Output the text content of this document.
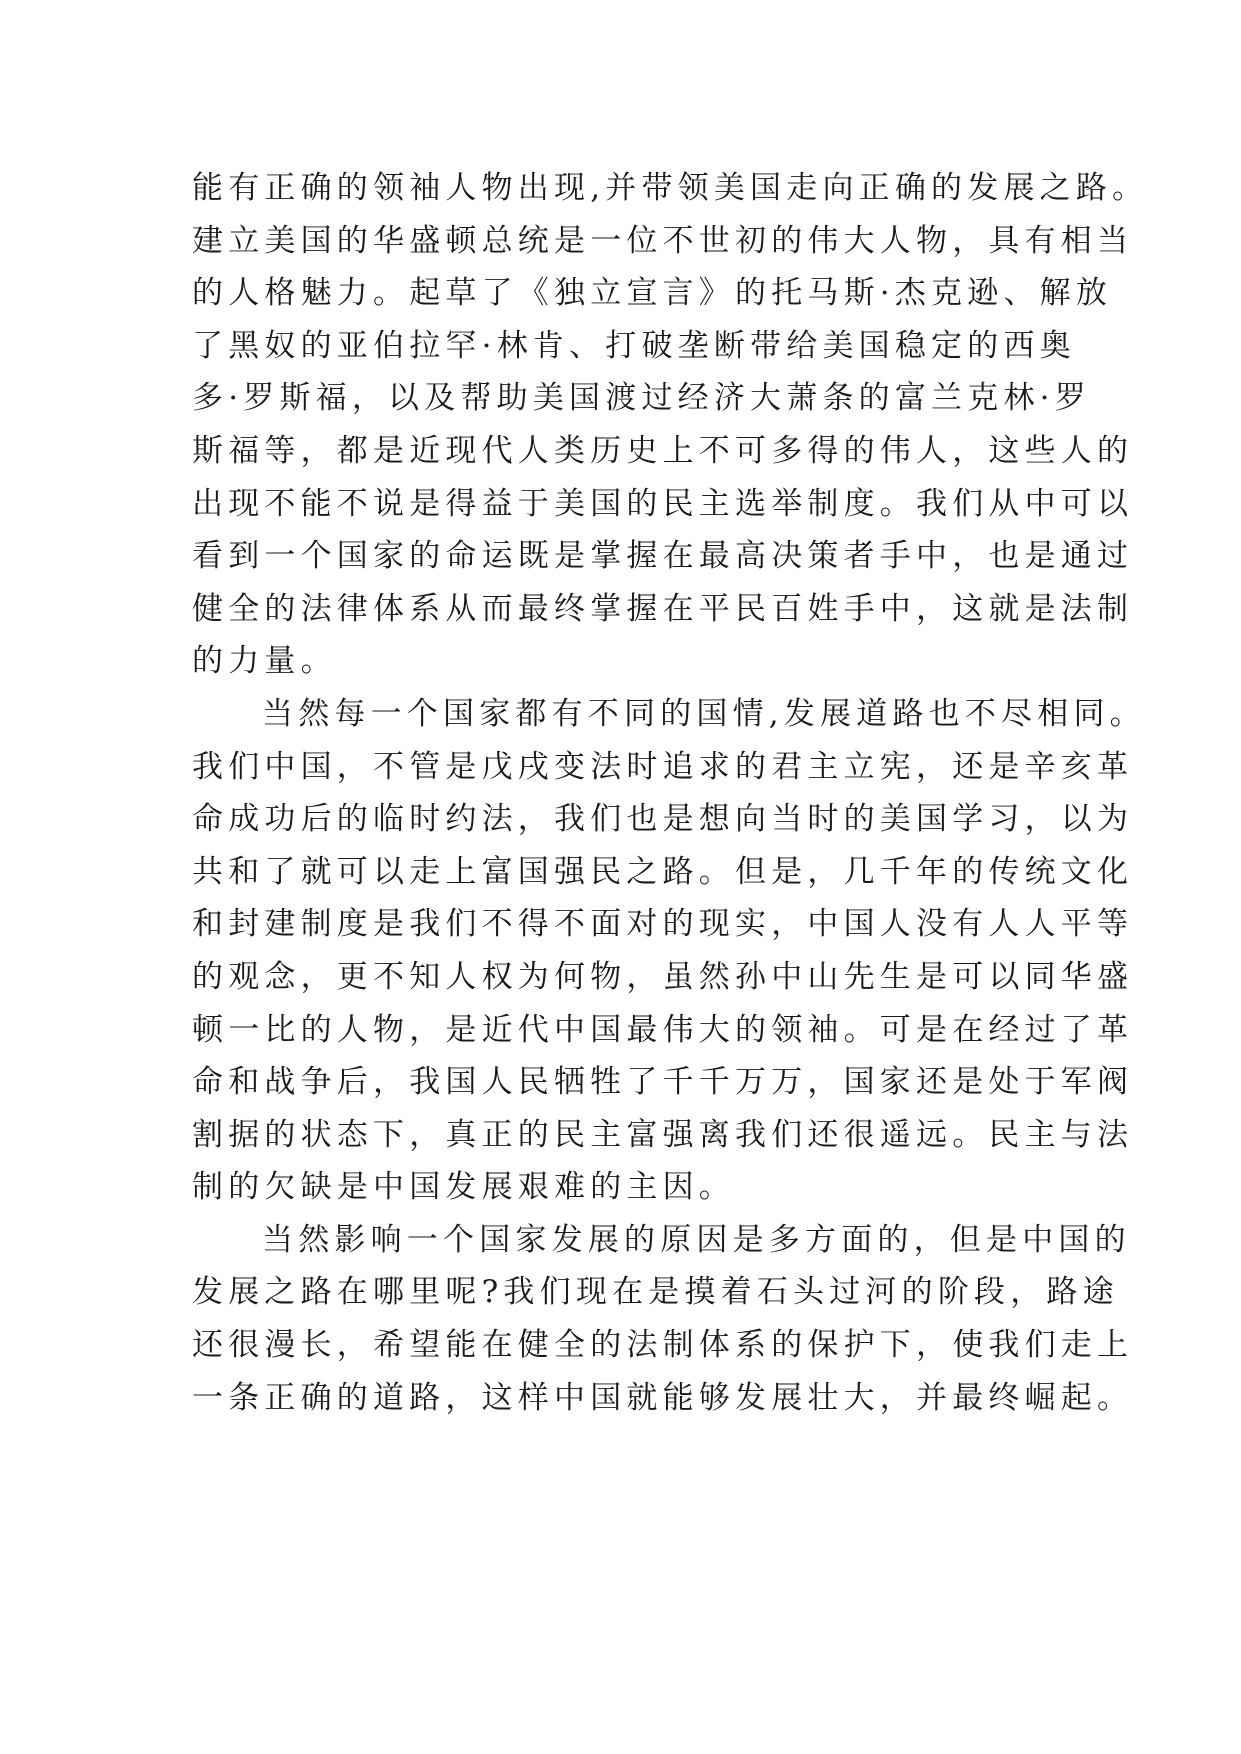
能有正确的领袖人物出现,并带领美国走向正确的发展之路。
建立美国的华盛顿总统是一位不世初的伟大人物，具有相当
的人格魅力。起草了《独立宣言》的托马斯·杰克逊、解放
了黑奴的亚伯拉罕·林肯、打破垄断带给美国稳定的西奥
多·罗斯福，以及帮助美国渡过经济大萧条的富兰克林·罗
斯福等，都是近现代人类历史上不可多得的伟人，这些人的
出现不能不说是得益于美国的民主选举制度。我们从中可以
看到一个国家的命运既是掌握在最高决策者手中，也是通过
健全的法律体系从而最终掌握在平民百姓手中，这就是法制
的力量。
当然每一个国家都有不同的国情,发展道路也不尽相同。
我们中国，不管是戊戌变法时追求的君主立宪，还是辛亥革
命成功后的临时约法，我们也是想向当时的美国学习，以为
共和了就可以走上富国强民之路。但是，几千年的传统文化
和封建制度是我们不得不面对的现实，中国人没有人人平等
的观念，更不知人权为何物，虽然孙中山先生是可以同华盛
顿一比的人物，是近代中国最伟大的领袖。可是在经过了革
命和战争后，我国人民牺牲了千千万万，国家还是处于军阀
割据的状态下，真正的民主富强离我们还很遥远。民主与法
制的欠缺是中国发展艰难的主因。
当然影响一个国家发展的原因是多方面的，但是中国的
发展之路在哪里呢?我们现在是摸着石头过河的阶段，路途
还很漫长，希望能在健全的法制体系的保护下，使我们走上
一条正确的道路，这样中国就能够发展壮大，并最终崛起。
